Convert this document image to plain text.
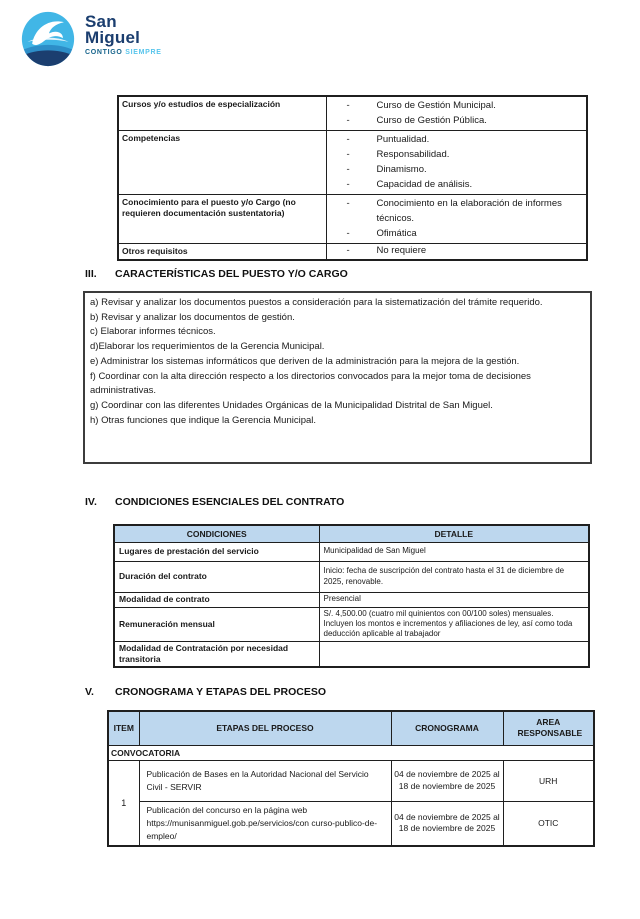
San
Miguel
CONTIGO SIEMPRE
Cursos y/o estudios de especialización	- Curso de Gestión Municipal.
- Curso de Gestión Pública.

Competencias	-	Puntualidad.
-	Responsabilidad.
-	Dinamismo.
-	Capacidad de análisis.

Conocimiento para el puesto y/o Cargo (no requieren documentación sustentatoria)	- Conocimiento en la elaboración de informes técnicos.
- Ofimática

Otros requisitos	- No requiere
III.	CARACTERÍSTICAS DEL PUESTO Y/O CARGO
a) Revisar y analizar los documentos puestos a consideración para la sistematización del trámite requerido.
b) Revisar y analizar los documentos de gestión.
c) Elaborar informes técnicos.
d)Elaborar los requerimientos de la Gerencia Municipal.
e) Administrar los sistemas informáticos que deriven de la administración para la mejora de la gestión.
f) Coordinar con la alta dirección respecto a los directorios convocados para la mejor toma de decisiones administrativas.
g) Coordinar con las diferentes Unidades Orgánicas de la Municipalidad Distrital de San Miguel.
h) Otras funciones que indique la Gerencia Municipal.
IV.	CONDICIONES ESENCIALES DEL CONTRATO
CONDICIONES	DETALLE
Lugares de prestación del servicio	Municipalidad de San Miguel
Duración del contrato	Inicio: fecha de suscripción del contrato hasta el 31 de diciembre de 2025, renovable.
Modalidad de contrato	Presencial
Remuneración mensual	S/. 4,500.00 (cuatro mil quinientos con 00/100 soles) mensuales. Incluyen los montos e incrementos y afiliaciones de ley, así como toda deducción aplicable al trabajador
Modalidad de Contratación por necesidad transitoria	
V.	CRONOGRAMA Y ETAPAS DEL PROCESO
ITEM	ETAPAS DEL PROCESO	CRONOGRAMA	AREA RESPONSABLE
CONVOCATORIA			
1	Publicación de Bases en la Autoridad Nacional del Servicio Civil - SERVIR	04 de noviembre de 2025 al 18 de noviembre de 2025	URH
	Publicación del concurso en la página web https://munisanmiguel.gob.pe/servicios/con curso-publico-de-empleo/	04 de noviembre de 2025 al 18 de noviembre de 2025	OTIC
